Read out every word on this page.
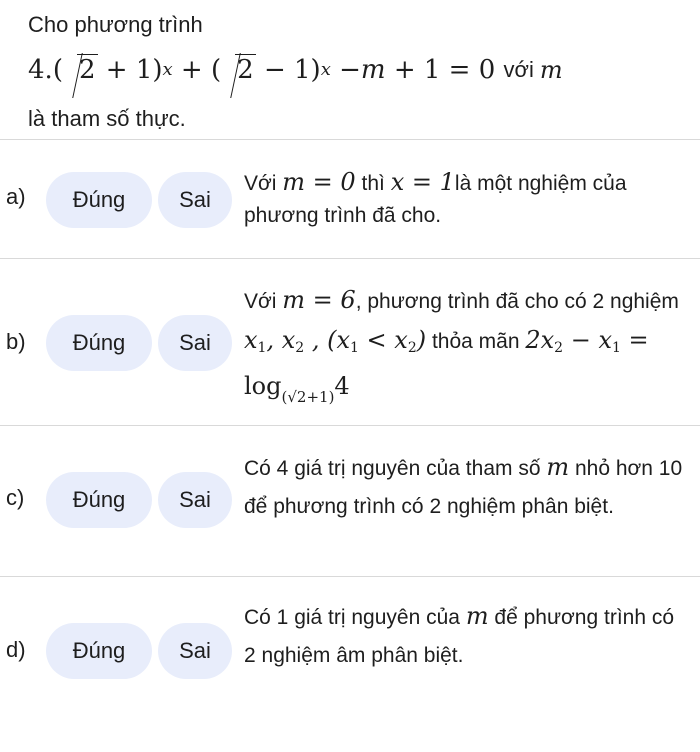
Cho phương trình
4. ( 2 + 1) x + ( 2 − 1) x − m + 1 = 0 với m
là tham số thực.
a)	Đúng	Sai
Với m = 0 thì x = 1là một nghiệm của phương trình đã cho.
b)	Đúng	Sai
Với m = 6, phương trình đã cho có 2 nghiệm $x_1$, $x_2$ , $(x_1 < x_2)$ thỏa mãn $2x_2 - x_1 = \log_{(√2+1)}4$
c)	Đúng	Sai
Có 4 giá trị nguyên của tham số m nhỏ hơn 10 để phương trình có 2 nghiệm phân biệt.
d)	Đúng	Sai
Có 1 giá trị nguyên của m để phương trình có 2 nghiệm âm phân biệt.
